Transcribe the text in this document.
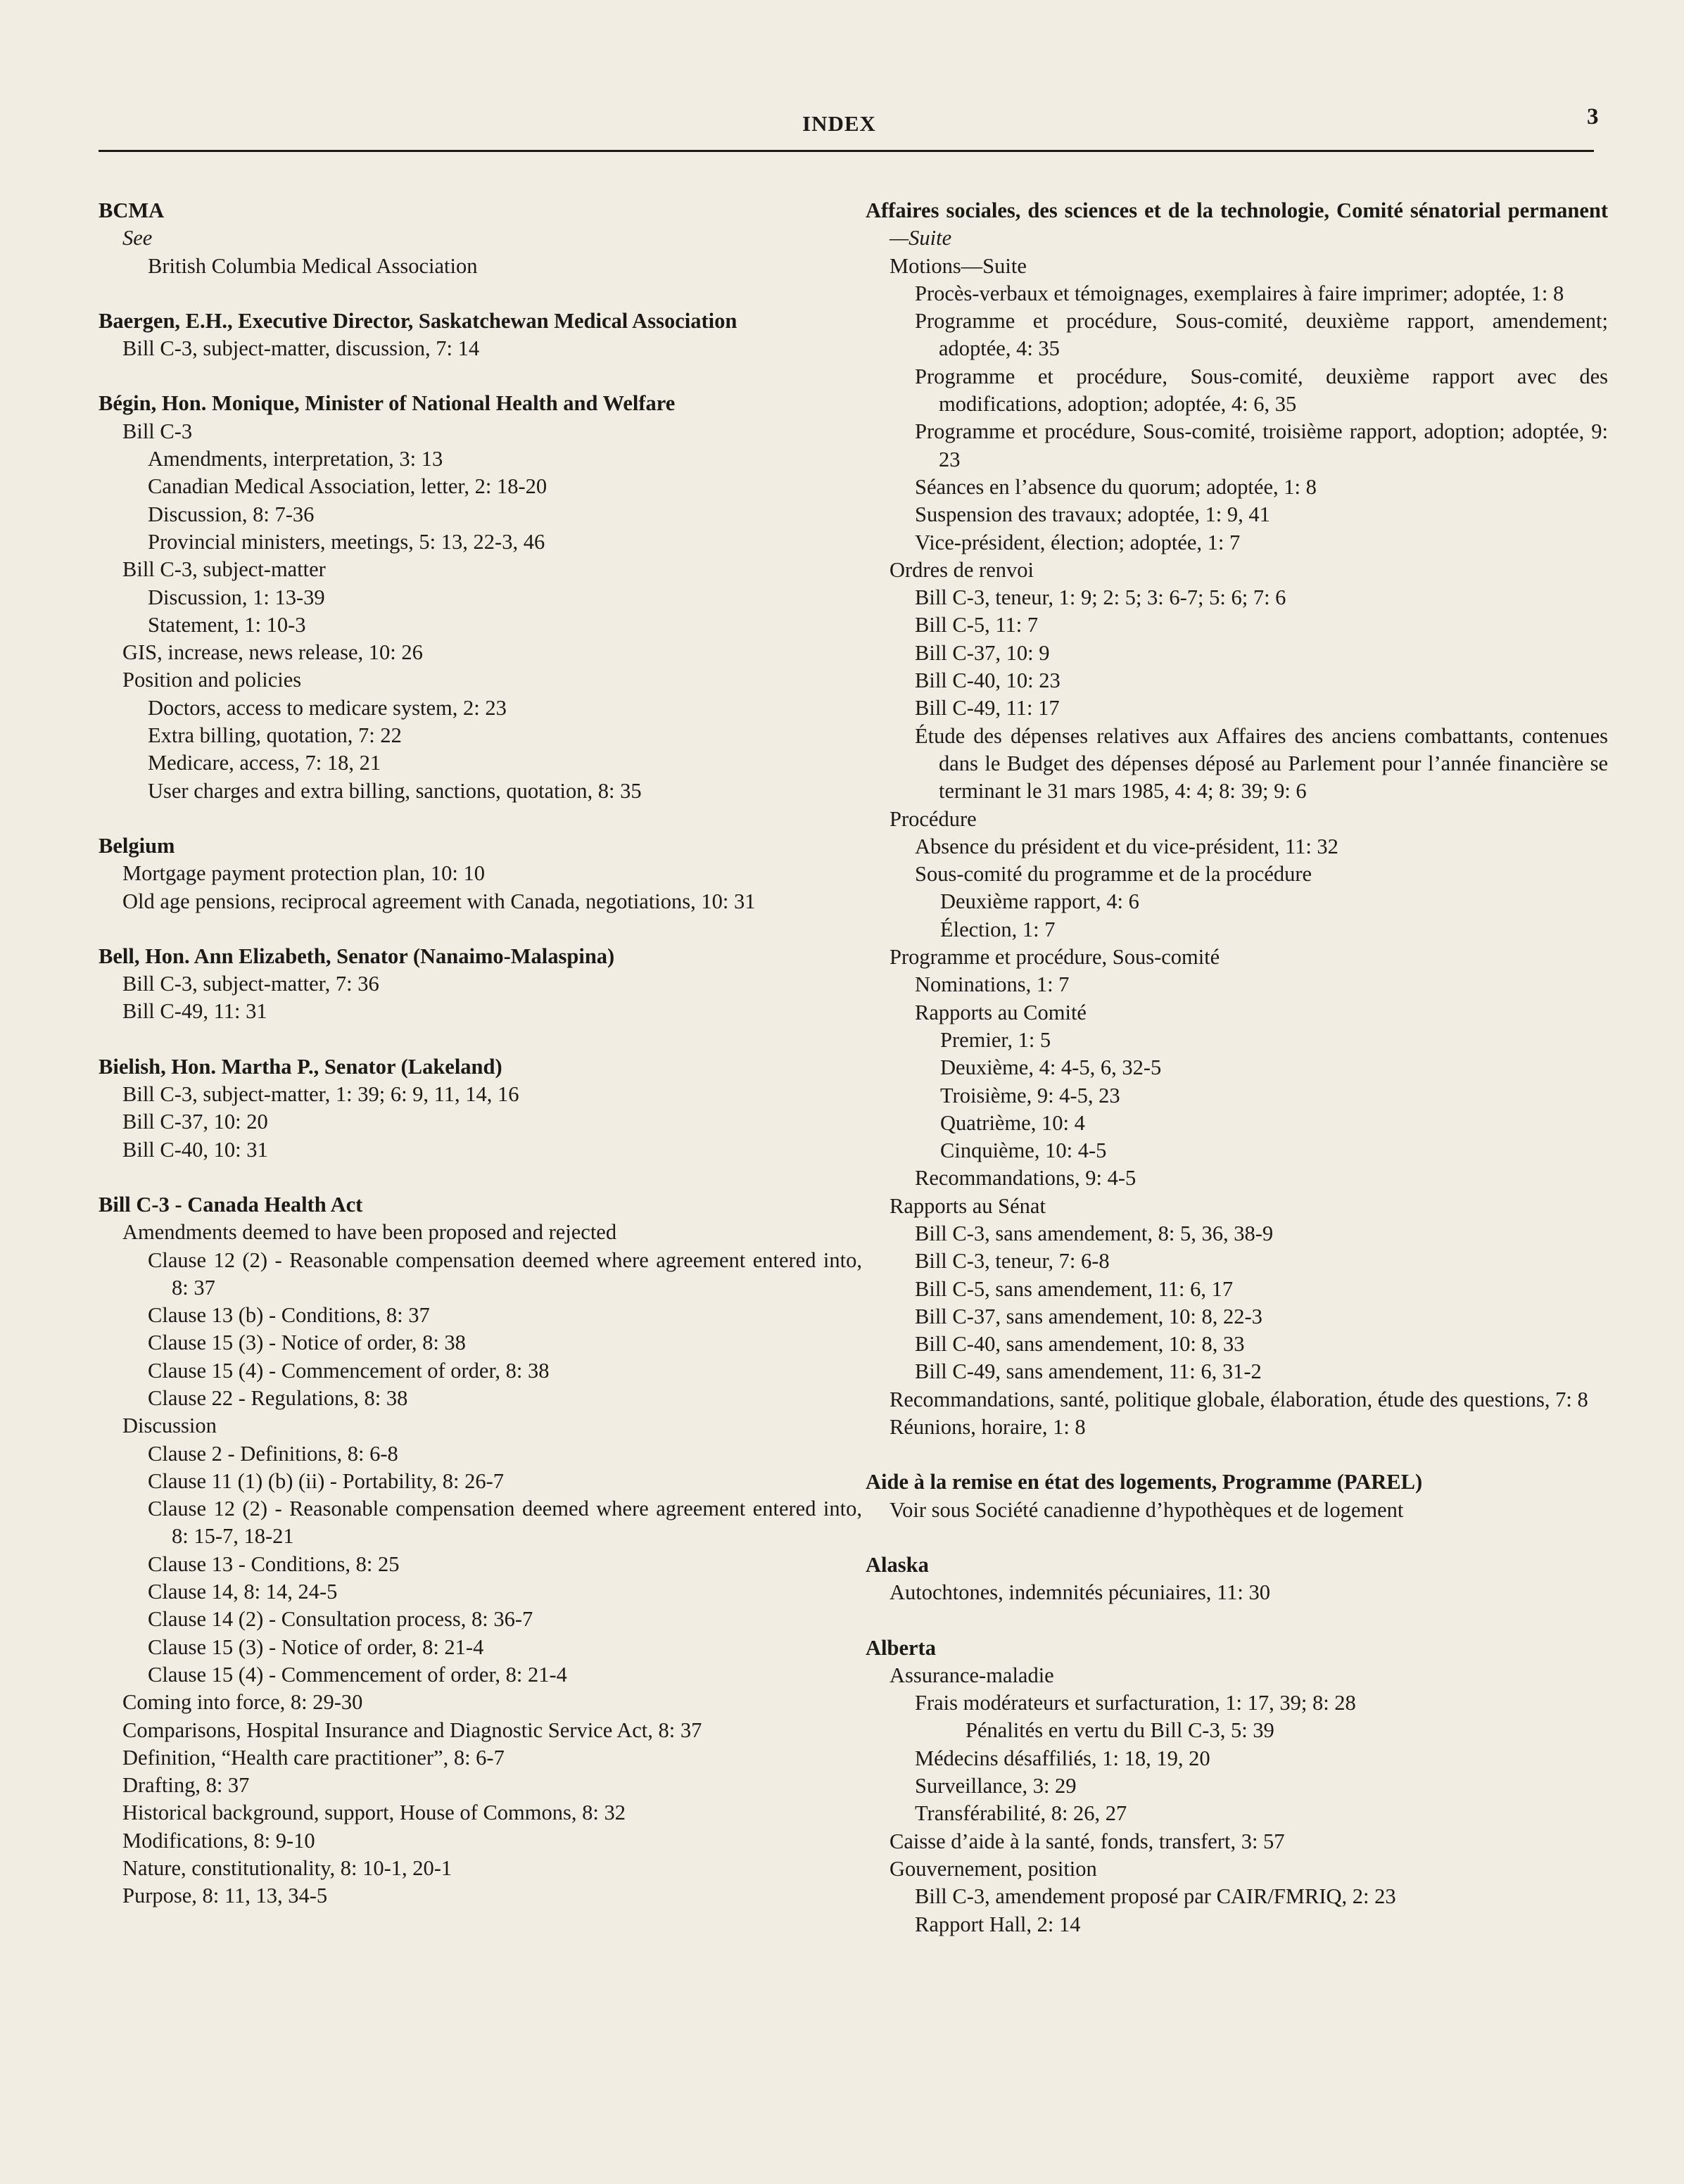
INDEX	3
BCMA
See
British Columbia Medical Association
Baergen, E.H., Executive Director, Saskatchewan Medical Association
Bill C-3, subject-matter, discussion, 7: 14
Bégin, Hon. Monique, Minister of National Health and Welfare
Bill C-3
Amendments, interpretation, 3: 13
Canadian Medical Association, letter, 2: 18-20
Discussion, 8: 7-36
Provincial ministers, meetings, 5: 13, 22-3, 46
Bill C-3, subject-matter
Discussion, 1: 13-39
Statement, 1: 10-3
GIS, increase, news release, 10: 26
Position and policies
Doctors, access to medicare system, 2: 23
Extra billing, quotation, 7: 22
Medicare, access, 7: 18, 21
User charges and extra billing, sanctions, quotation, 8: 35
Belgium
Mortgage payment protection plan, 10: 10
Old age pensions, reciprocal agreement with Canada, negotiations, 10: 31
Bell, Hon. Ann Elizabeth, Senator (Nanaimo-Malaspina)
Bill C-3, subject-matter, 7: 36
Bill C-49, 11: 31
Bielish, Hon. Martha P., Senator (Lakeland)
Bill C-3, subject-matter, 1: 39; 6: 9, 11, 14, 16
Bill C-37, 10: 20
Bill C-40, 10: 31
Bill C-3 - Canada Health Act
Amendments deemed to have been proposed and rejected
Clause 12 (2) - Reasonable compensation deemed where agreement entered into, 8: 37
Clause 13 (b) - Conditions, 8: 37
Clause 15 (3) - Notice of order, 8: 38
Clause 15 (4) - Commencement of order, 8: 38
Clause 22 - Regulations, 8: 38
Discussion
Clause 2 - Definitions, 8: 6-8
Clause 11 (1) (b) (ii) - Portability, 8: 26-7
Clause 12 (2) - Reasonable compensation deemed where agreement entered into, 8: 15-7, 18-21
Clause 13 - Conditions, 8: 25
Clause 14, 8: 14, 24-5
Clause 14 (2) - Consultation process, 8: 36-7
Clause 15 (3) - Notice of order, 8: 21-4
Clause 15 (4) - Commencement of order, 8: 21-4
Coming into force, 8: 29-30
Comparisons, Hospital Insurance and Diagnostic Service Act, 8: 37
Definition, “Health care practitioner”, 8: 6-7
Drafting, 8: 37
Historical background, support, House of Commons, 8: 32
Modifications, 8: 9-10
Nature, constitutionality, 8: 10-1, 20-1
Purpose, 8: 11, 13, 34-5
Affaires sociales, des sciences et de la technologie, Comité sénatorial permanent—Suite
Motions—Suite
Procès-verbaux et témoignages, exemplaires à faire imprimer; adoptée, 1: 8
Programme et procédure, Sous-comité, deuxième rapport, amendement; adoptée, 4: 35
Programme et procédure, Sous-comité, deuxième rapport avec des modifications, adoption; adoptée, 4: 6, 35
Programme et procédure, Sous-comité, troisième rapport, adoption; adoptée, 9: 23
Séances en l’absence du quorum; adoptée, 1: 8
Suspension des travaux; adoptée, 1: 9, 41
Vice-président, élection; adoptée, 1: 7
Ordres de renvoi
Bill C-3, teneur, 1: 9; 2: 5; 3: 6-7; 5: 6; 7: 6
Bill C-5, 11: 7
Bill C-37, 10: 9
Bill C-40, 10: 23
Bill C-49, 11: 17
Étude des dépenses relatives aux Affaires des anciens combattants, contenues dans le Budget des dépenses déposé au Parlement pour l’année financière se terminant le 31 mars 1985, 4: 4; 8: 39; 9: 6
Procédure
Absence du président et du vice-président, 11: 32
Sous-comité du programme et de la procédure
Deuxième rapport, 4: 6
Élection, 1: 7
Programme et procédure, Sous-comité
Nominations, 1: 7
Rapports au Comité
Premier, 1: 5
Deuxième, 4: 4-5, 6, 32-5
Troisième, 9: 4-5, 23
Quatrième, 10: 4
Cinquième, 10: 4-5
Recommandations, 9: 4-5
Rapports au Sénat
Bill C-3, sans amendement, 8: 5, 36, 38-9
Bill C-3, teneur, 7: 6-8
Bill C-5, sans amendement, 11: 6, 17
Bill C-37, sans amendement, 10: 8, 22-3
Bill C-40, sans amendement, 10: 8, 33
Bill C-49, sans amendement, 11: 6, 31-2
Recommandations, santé, politique globale, élaboration, étude des questions, 7: 8
Réunions, horaire, 1: 8
Aide à la remise en état des logements, Programme (PAREL)
Voir sous Société canadienne d’hypothèques et de logement
Alaska
Autochtones, indemnités pécuniaires, 11: 30
Alberta
Assurance-maladie
Frais modérateurs et surfacturation, 1: 17, 39; 8: 28
Pénalités en vertu du Bill C-3, 5: 39
Médecins désaffiliés, 1: 18, 19, 20
Surveillance, 3: 29
Transférabilité, 8: 26, 27
Caisse d’aide à la santé, fonds, transfert, 3: 57
Gouvernement, position
Bill C-3, amendement proposé par CAIR/FMRIQ, 2: 23
Rapport Hall, 2: 14
